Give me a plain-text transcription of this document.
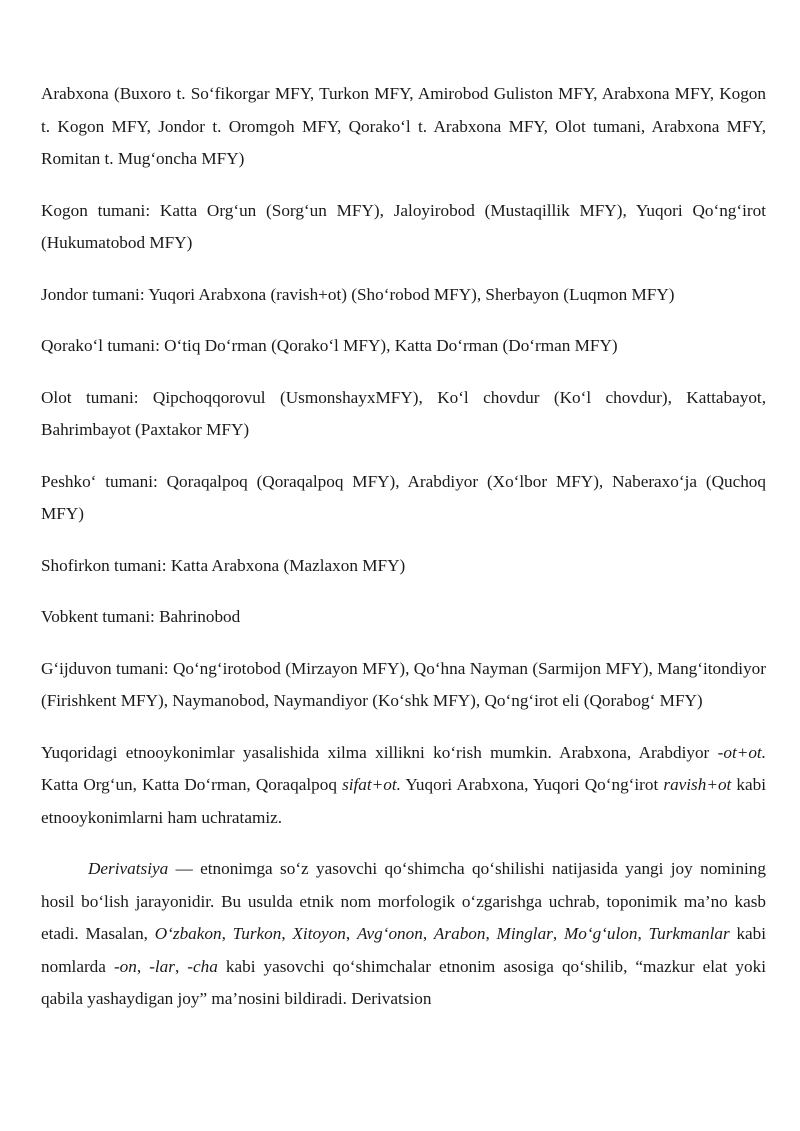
Arabxona (Buxoro t. So‘fikorgar MFY, Turkon MFY, Amirobod Guliston MFY, Arabxona MFY, Kogon t. Kogon MFY, Jondor t. Oromgoh MFY, Qorako‘l t. Arabxona MFY, Olot tumani, Arabxona MFY, Romitan t. Mug‘oncha MFY)

Kogon tumani: Katta Org‘un (Sorg‘un MFY), Jaloyirobod (Mustaqillik MFY), Yuqori Qo‘ng‘irot (Hukumatobod MFY)

Jondor tumani: Yuqori Arabxona (ravish+ot) (Sho‘robod MFY), Sherbayon (Luqmon MFY)

Qorako‘l tumani: O‘tiq Do‘rman (Qorako‘l MFY), Katta Do‘rman (Do‘rman MFY)

Olot tumani: Qipchoqqorovul (UsmonshayxMFY), Ko‘l chovdur (Ko‘l chovdur), Kattabayot, Bahrimbayot (Paxtakor MFY)

Peshko‘ tumani: Qoraqalpoq (Qoraqalpoq MFY), Arabdiyor (Xo‘lbor MFY), Naberaxo‘ja (Quchoq MFY)

Shofirkon tumani: Katta Arabxona (Mazlaxon MFY)

Vobkent tumani: Bahrinobod

G‘ijduvon tumani: Qo‘ng‘irotobod (Mirzayon MFY), Qo‘hna Nayman (Sarmijon MFY), Mang‘itondiyor (Firishkent MFY), Naymanobod, Naymandiyor (Ko‘shk MFY), Qo‘ng‘irot eli (Qorabog‘ MFY)

Yuqoridagi etnooykonimlar yasalishida xilma xillikni ko‘rish mumkin. Arabxona, Arabdiyor -ot+ot. Katta Org‘un, Katta Do‘rman, Qoraqalpoq sifat+ot. Yuqori Arabxona, Yuqori Qo‘ng‘irot ravish+ot kabi etnooykonimlarni ham uchratamiz.

Derivatsiya — etnonimga so‘z yasovchi qo‘shimcha qo‘shilishi natijasida yangi joy nomining hosil bo‘lish jarayonidir. Bu usulda etnik nom morfologik o‘zgarishga uchrab, toponimik ma’no kasb etadi. Masalan, O‘zbakon, Turkon, Xitoyon, Avg‘onon, Arabon, Minglar, Mo‘g‘ulon, Turkmanlar kabi nomlarda -on, -lar, -cha kabi yasovchi qo‘shimchalar etnonim asosiga qo‘shilib, “mazkur elat yoki qabila yashaydigan joy” ma’nosini bildiradi. Derivatsion
